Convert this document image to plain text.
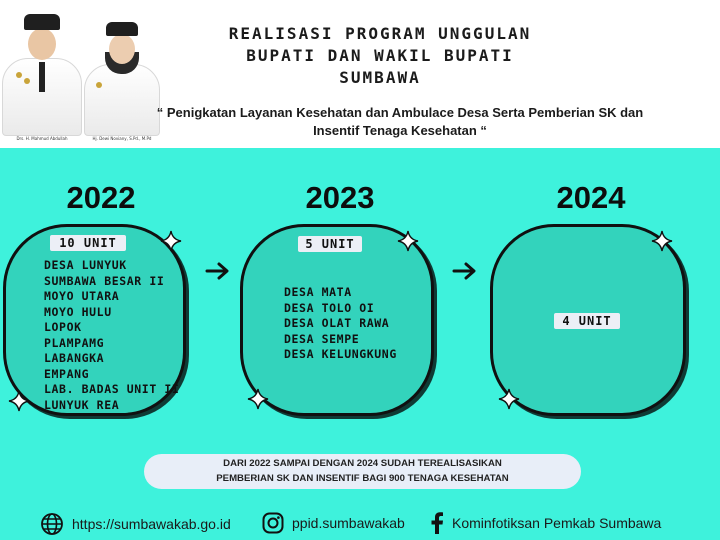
Drs. H. Mahmud Abdullah	Hj. Dewi Noviany, S.Pd., M.Pd
REALISASI PROGRAM UNGGULAN
BUPATI DAN WAKIL BUPATI
SUMBAWA
“ Penigkatan Layanan Kesehatan dan Ambulace Desa Serta Pemberian SK dan
Insentif Tenaga Kesehatan “
2022	2023	2024
10 UNIT	5 UNIT
4 UNIT
DESA LUNYUK
SUMBAWA BESAR II
MOYO UTARA
MOYO HULU
LOPOK
PLAMPAMG
LABANGKA
EMPANG
LAB. BADAS UNIT II
LUNYUK REA
DESA MATA
DESA TOLO OI
DESA OLAT RAWA
DESA SEMPE
DESA KELUNGKUNG
DARI 2022 SAMPAI DENGAN 2024 SUDAH TEREALISASIKAN
PEMBERIAN SK DAN INSENTIF BAGI 900 TENAGA KESEHATAN
https://sumbawakab.go.id	ppid.sumbawakab	Kominfotiksan Pemkab Sumbawa
